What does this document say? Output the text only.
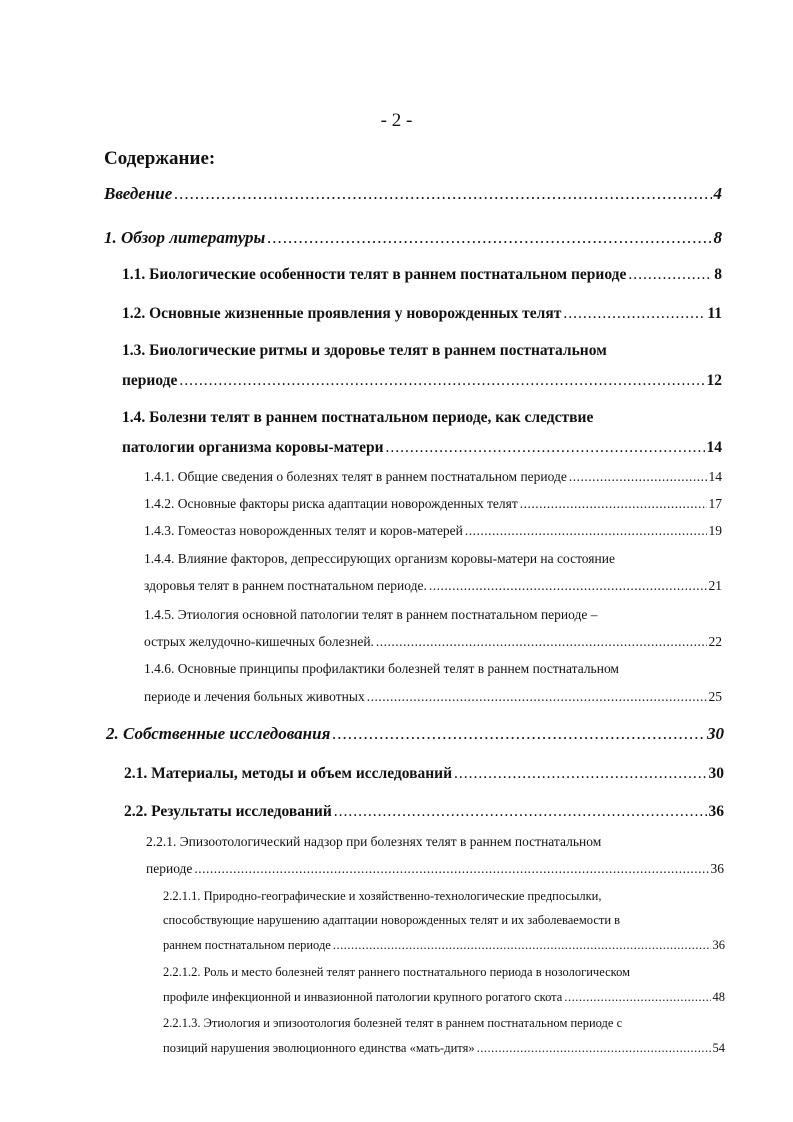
- 2 -
Содержание:
Введение .....	4
1. Обзор литературы .....	8
1.1. Биологические особенности телят в раннем постнатальном периоде .....	8
1.2. Основные жизненные проявления у новорожденных телят .....	11
1.3. Биологические ритмы и здоровье телят в раннем постнатальном
периоде .....	12
1.4. Болезни телят в раннем постнатальном периоде, как следствие
патологии организма коровы-матери .....	14
1.4.1. Общие сведения о болезнях телят в раннем постнатальном периоде .....	14
1.4.2. Основные факторы риска адаптации новорожденных телят .....	17
1.4.3. Гомеостаз новорожденных телят и коров-матерей .....	19
1.4.4. Влияние факторов, депрессирующих организм коровы-матери на состояние
здоровья телят в раннем постнатальном периоде. .....	21
1.4.5. Этиология основной патологии телят в раннем постнатальном периоде –
острых желудочно-кишечных болезней. .....	22
1.4.6. Основные принципы профилактики болезней телят в раннем постнатальном
периоде и лечения больных животных .....	25
2. Собственные исследования .....	30
2.1. Материалы, методы и объем исследований .....	30
2.2. Результаты исследований .....	36
2.2.1. Эпизоотологический надзор при болезнях телят в раннем постнатальном
периоде .....	36
2.2.1.1. Природно-географические и хозяйственно-технологические предпосылки,
способствующие нарушению адаптации новорожденных телят и их заболеваемости в
раннем постнатальном периоде .....	36
2.2.1.2. Роль и место болезней телят раннего постнатального периода в нозологическом
профиле инфекционной и инвазионной патологии крупного рогатого скота .....	48
2.2.1.3. Этиология и эпизоотология болезней телят в раннем постнатальном периоде с
позиций нарушения эволюционного единства «мать-дитя» .....	54
